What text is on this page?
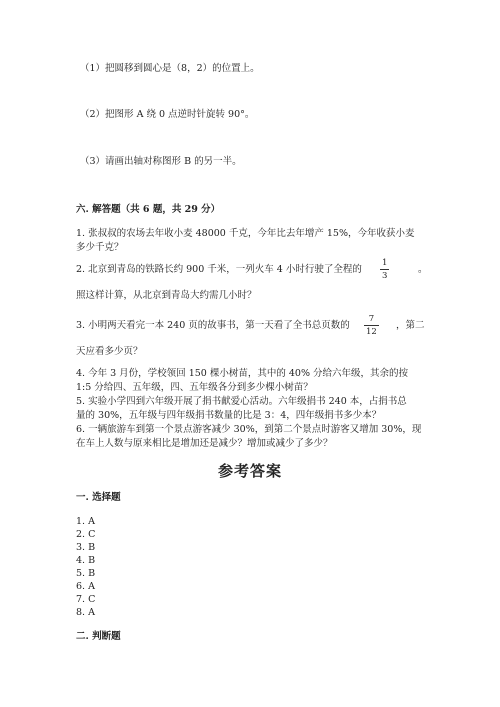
（1）把圆移到圆心是（8，2）的位置上。
（2）把图形 A 绕 0 点逆时针旋转 90°。
（3）请画出轴对称图形 B 的另一半。
六. 解答题（共 6 题，共 29 分）
1. 张叔叔的农场去年收小麦 48000 千克，今年比去年增产 15%，今年收获小麦
多少千克？
2. 北京到青岛的铁路长约 900 千米，一列火车 4 小时行驶了全程的
1
3
。
照这样计算，从北京到青岛大约需几小时？
3. 小明两天看完一本 240 页的故事书，第一天看了全书总页数的
7
12
，第二
天应看多少页？
4. 今年 3 月份，学校领回 150 棵小树苗，其中的 40% 分给六年级，其余的按
1:5 分给四、五年级，四、五年级各分到多少棵小树苗？
5. 实验小学四到六年级开展了捐书献爱心活动。六年级捐书 240 本，占捐书总
量的 30%，五年级与四年级捐书数量的比是 3：4，四年级捐书多少本？
6. 一辆旅游车到第一个景点游客减少 30%，到第二个景点时游客又增加 30%，现
在车上人数与原来相比是增加还是减少？增加或减少了多少？
参考答案
一. 选择题
1. A
2. C
3. B
4. B
5. B
6. A
7. C
8. A
二. 判断题
